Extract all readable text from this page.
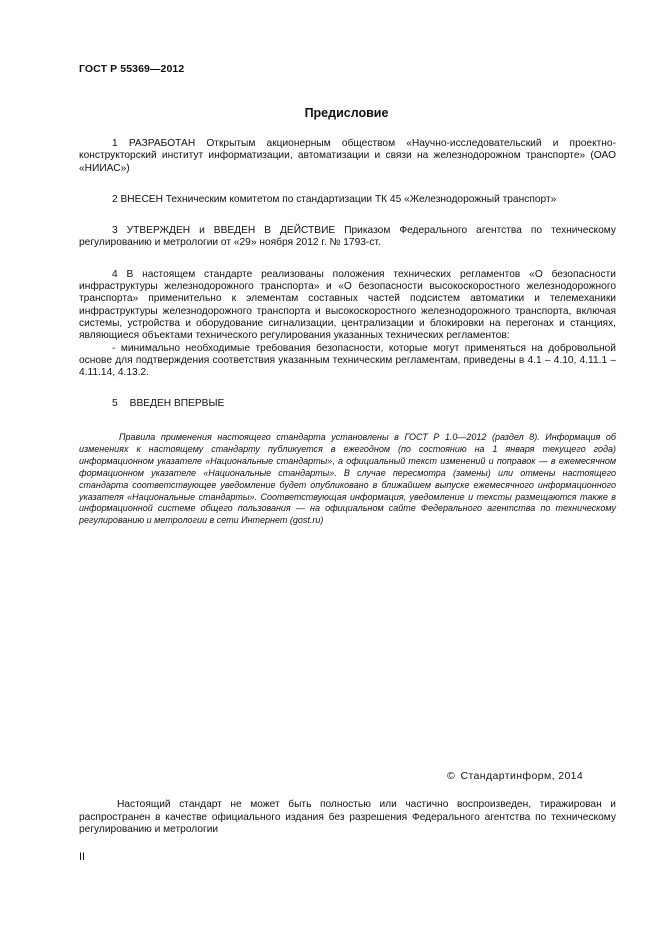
ГОСТ Р 55369—2012
Предисловие

1 РАЗРАБОТАН Открытым акционерным обществом «Научно-исследовательский и проектно-конструкторский институт информатизации, автоматизации и связи на железнодорожном транспорте» (ОАО «НИИАС»)

2 ВНЕСЕН Техническим комитетом по стандартизации ТК 45 «Железнодорожный транспорт»

3 УТВЕРЖДЕН и ВВЕДЕН В ДЕЙСТВИЕ Приказом Федерального агентства по техническому регулированию и метрологии от «29» ноября 2012 г. № 1793-ст.

4 В настоящем стандарте реализованы положения технических регламентов «О безопасности инфраструктуры железнодорожного транспорта» и «О безопасности высокоскоростного железнодорожного транспорта» применительно к элементам составных частей подсистем автоматики и телемеханики инфраструктуры железнодорожного транспорта и высокоскоростного железнодорожного транспорта, включая системы, устройства и оборудование сигнализации, централизации и блокировки на перегонах и станциях, являющиеся объектами технического регулирования указанных технических регламентов:

- минимально необходимые требования безопасности, которые могут применяться на добровольной основе для подтверждения соответствия указанным техническим регламентам, приведены в 4.1 – 4.10, 4.11.1 – 4.11.14, 4.13.2.

5 ВВЕДЕН ВПЕРВЫЕ
Правила применения настоящего стандарта установлены в ГОСТ Р 1.0—2012 (раздел 8). Информация об изменениях к настоящему стандарту публикуется в ежегодном (по состоянию на 1 января текущего года) информационном указателе «Национальные стандарты», а официальный текст изменений и поправок — в ежемесячном формационном указателе «Национальные стандарты». В случае пересмотра (замены) или отмены настоящего стандарта соответствующее уведомление будет опубликовано в ближайшем выпуске ежемесячного информационного указателя «Национальные стандарты». Соответствующая информация, уведомление и тексты размещаются также в информационной системе общего пользования — на официальном сайте Федерального агентства по техническому регулированию и метрологии в сети Интернет (gost.ru)
© Стандартинформ, 2014
Настоящий стандарт не может быть полностью или частично воспроизведен, тиражирован и распространен в качестве официального издания без разрешения Федерального агентства по техническому регулированию и метрологии
II
